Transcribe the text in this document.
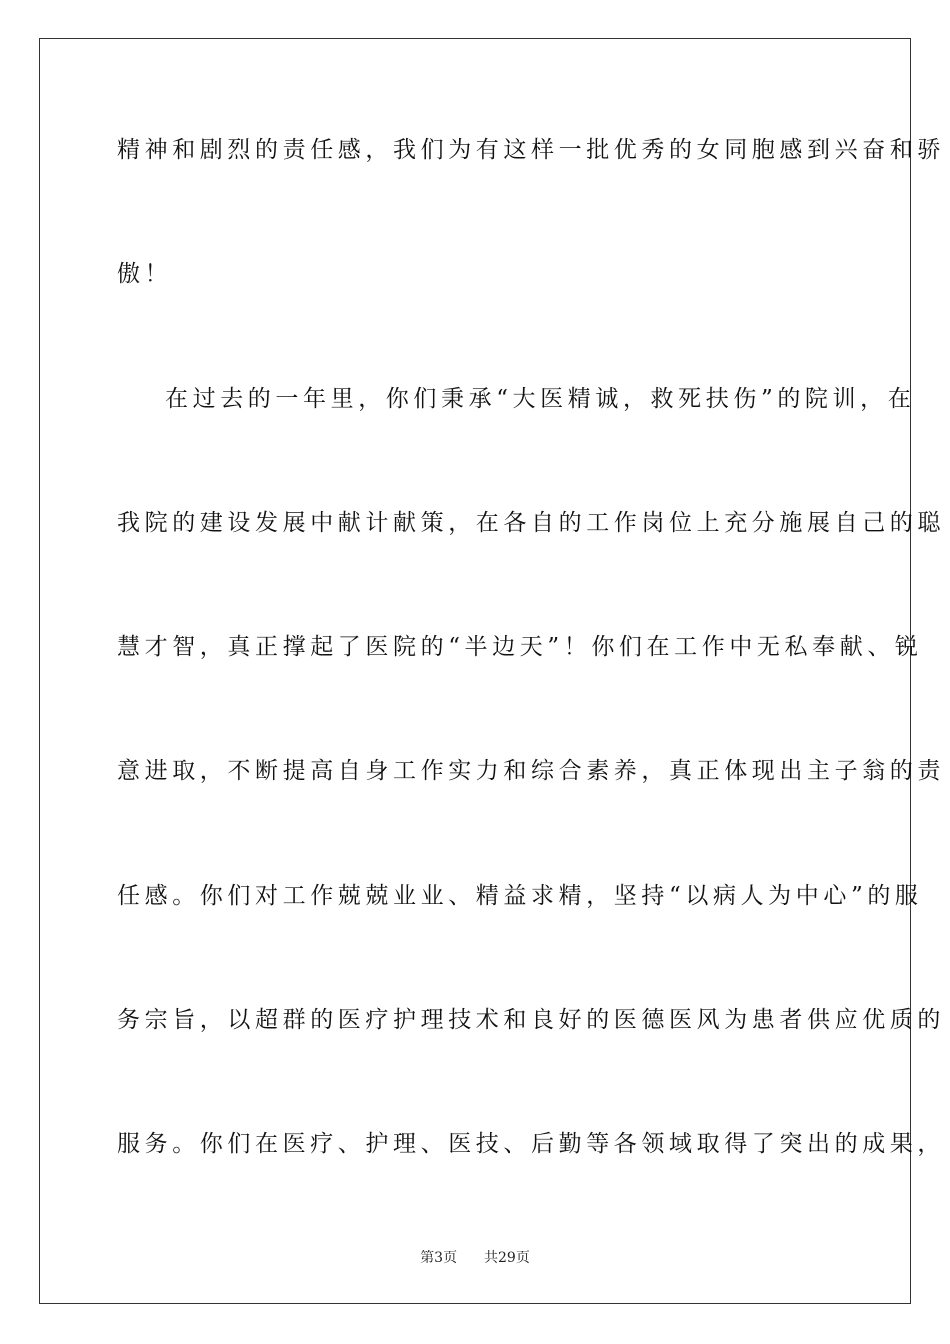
精神和剧烈的责任感，我们为有这样一批优秀的女同胞感到兴奋和骄
傲！
在过去的一年里，你们秉承“大医精诚，救死扶伤”的院训，在
我院的建设发展中献计献策，在各自的工作岗位上充分施展自己的聪
慧才智，真正撑起了医院的“半边天”！你们在工作中无私奉献、锐
意进取，不断提高自身工作实力和综合素养，真正体现出主子翁的责
任感。你们对工作兢兢业业、精益求精，坚持“以病人为中心”的服
务宗旨，以超群的医疗护理技术和良好的医德医风为患者供应优质的
服务。你们在医疗、护理、医技、后勤等各领域取得了突出的成果，
第3页 共29页
